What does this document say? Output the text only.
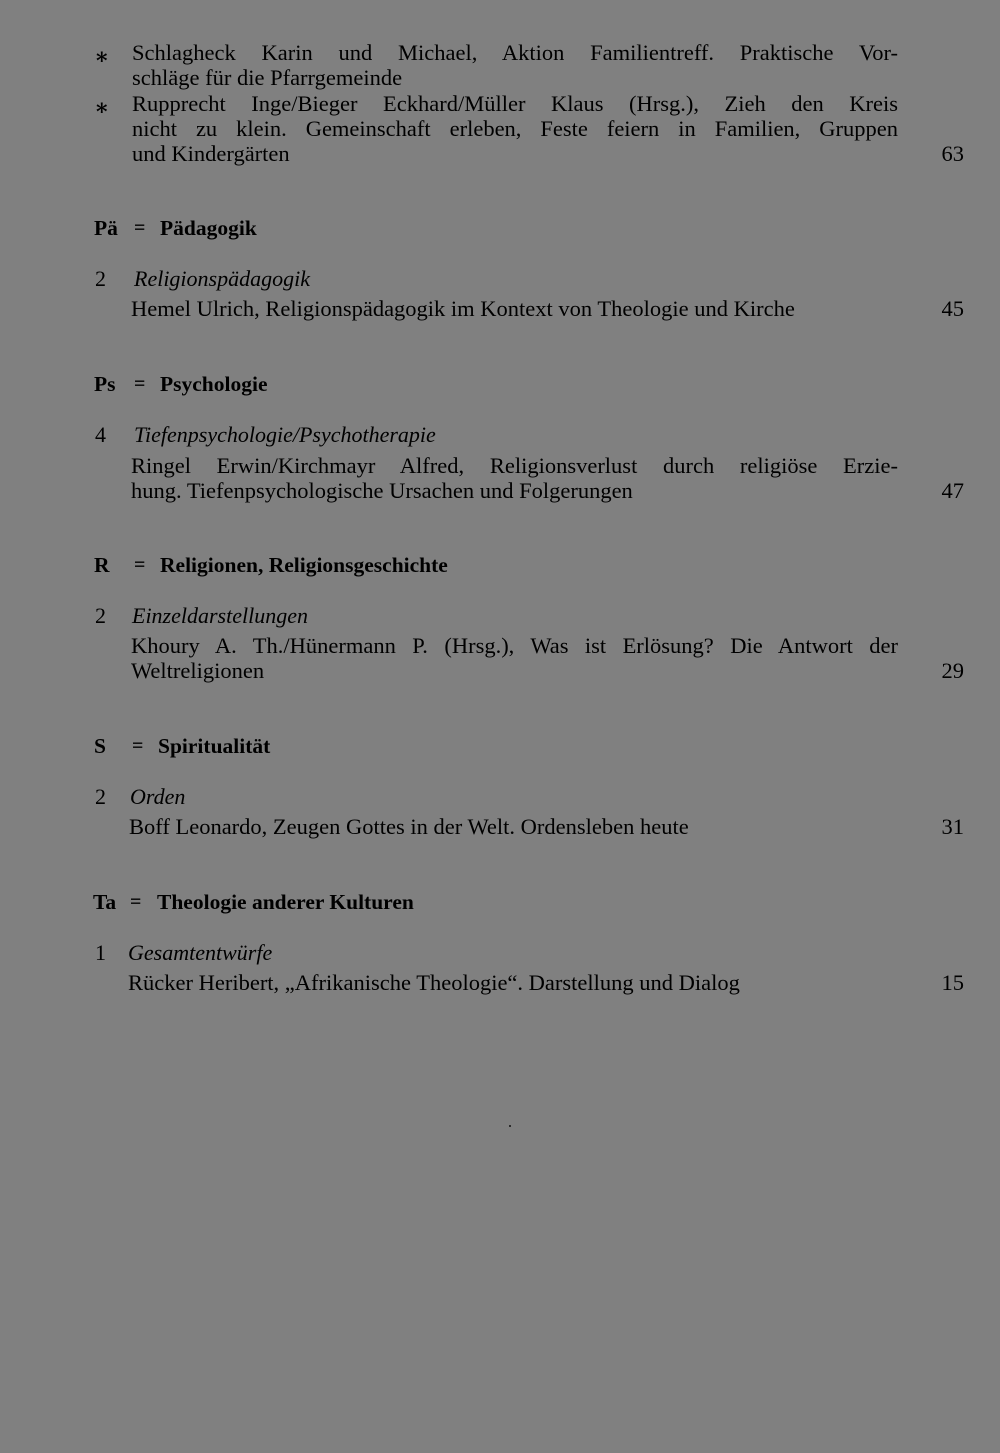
⁎ Schlagheck Karin und Michael, Aktion Familientreff. Praktische Vor-
schläge für die Pfarrgemeinde
⁎ Rupprecht Inge/Bieger Eckhard/Müller Klaus (Hrsg.), Zieh den Kreis
nicht zu klein. Gemeinschaft erleben, Feste feiern in Familien, Gruppen
und Kindergärten	63
Pä = Pädagogik
2 Religionspädagogik
Hemel Ulrich, Religionspädagogik im Kontext von Theologie und Kirche	45
Ps = Psychologie
4 Tiefenpsychologie/Psychotherapie
Ringel Erwin/Kirchmayr Alfred, Religionsverlust durch religiöse Erzie-
hung. Tiefenpsychologische Ursachen und Folgerungen	47
R = Religionen, Religionsgeschichte
2 Einzeldarstellungen
Khoury A. Th./Hünermann P. (Hrsg.), Was ist Erlösung? Die Antwort der
Weltreligionen	29
S = Spiritualität
2 Orden
Boff Leonardo, Zeugen Gottes in der Welt. Ordensleben heute	31
Ta = Theologie anderer Kulturen
1 Gesamtentwürfe
Rücker Heribert, „Afrikanische Theologie“. Darstellung und Dialog	15
